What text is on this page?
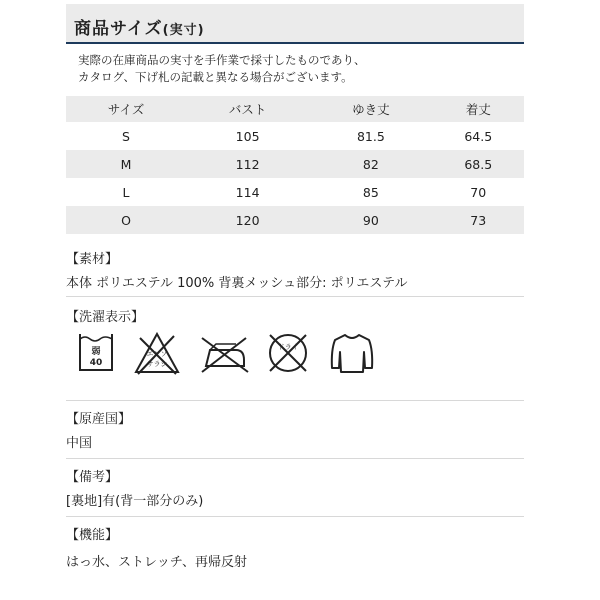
商品サイズ(実寸)
実際の在庫商品の実寸を手作業で採寸したものであり、
カタログ、下げ札の記載と異なる場合がございます。
サイズ	バスト	ゆき丈	着丈
S	105	81.5	64.5
M	112	82	68.5
L	114	85	70
O	120	90	73
【素材】
本体 ポリエステル 100% 背裏メッシュ部分: ポリエステル
【洗濯表示】
弱
40
エンソ
サラシ
ドライ
【原産国】
中国
【備考】
[裏地]有(背一部分のみ)
【機能】
はっ水、ストレッチ、再帰反射
